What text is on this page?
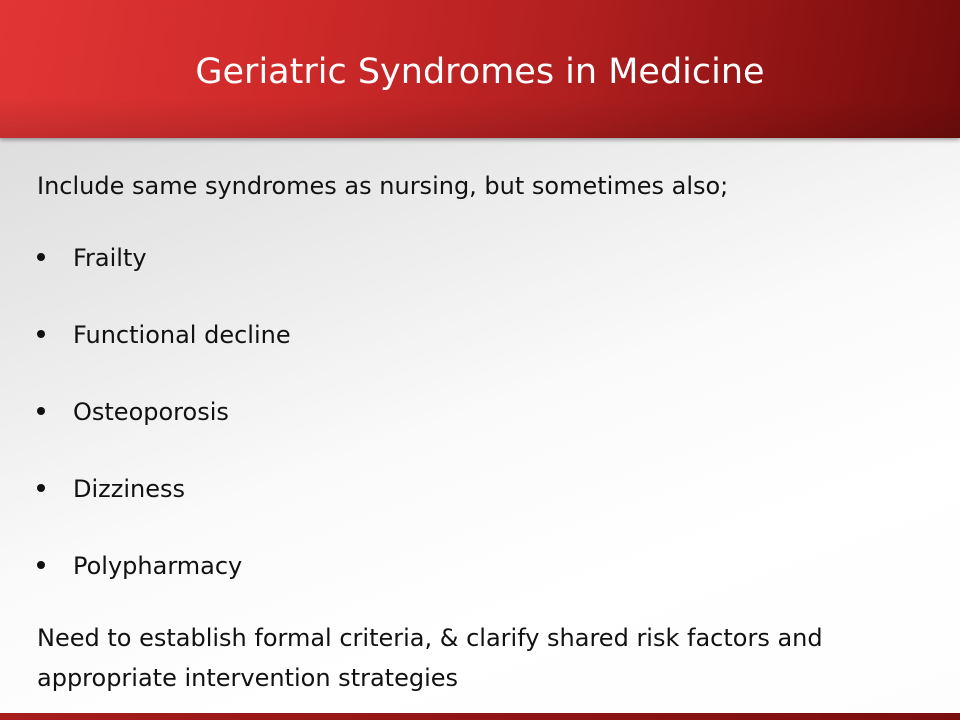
Geriatric Syndromes in Medicine

Include same syndromes as nursing, but sometimes also;

Frailty
Functional decline
Osteoporosis
Dizziness
Polypharmacy

Need to establish formal criteria, & clarify shared risk factors and appropriate intervention strategies
